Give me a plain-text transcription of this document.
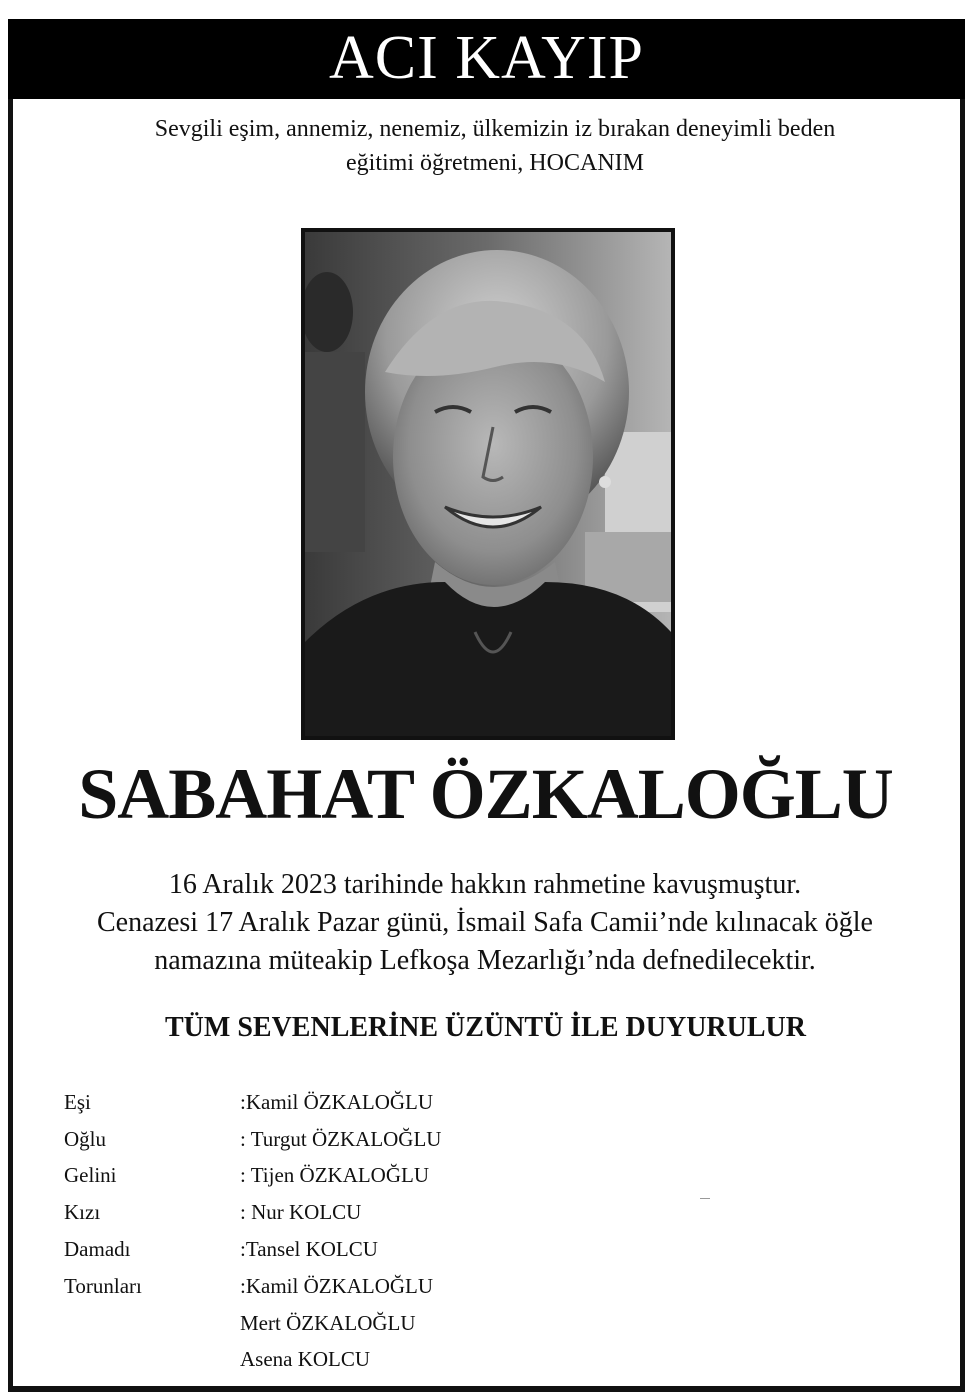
ACI KAYIP
Sevgili eşim, annemiz, nenemiz, ülkemizin iz bırakan deneyimli beden
eğitimi öğretmeni, HOCANIM
SABAHAT ÖZKALOĞLU
16 Aralık 2023 tarihinde hakkın rahmetine kavuşmuştur.
Cenazesi 17 Aralık Pazar günü, İsmail Safa Camii’nde kılınacak öğle
namazına müteakip Lefkoşa Mezarlığı’nda defnedilecektir.
TÜM SEVENLERİNE ÜZÜNTÜ İLE DUYURULUR
Eşi	:Kamil ÖZKALOĞLU
Oğlu	: Turgut ÖZKALOĞLU
Gelini	: Tijen ÖZKALOĞLU
Kızı	: Nur KOLCU
Damadı	:Tansel KOLCU
Torunları	:Kamil ÖZKALOĞLU
Mert ÖZKALOĞLU
Asena KOLCU
